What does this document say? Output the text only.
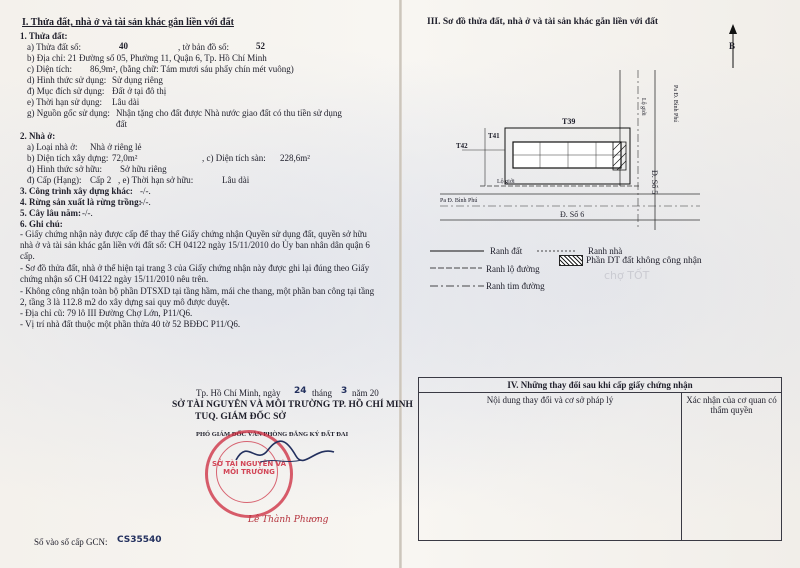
I. Thửa đất, nhà ở và tài sản khác gắn liền với đất
1. Thửa đất:
a) Thửa đất số:	40	, tờ bản đồ số:	52
b) Địa chỉ: 21 Đường số 05, Phường 11, Quận 6, Tp. Hồ Chí Minh
c) Diện tích: 86,9m², (bằng chữ: Tám mươi sáu phẩy chín mét vuông)
d) Hình thức sử dụng: Sử dụng riêng
đ) Mục đích sử dụng: Đất ở tại đô thị
e) Thời hạn sử dụng: Lâu dài
g) Nguồn gốc sử dụng: Nhận tặng cho đất được Nhà nước giao đất có thu tiền sử dụng
đất
2. Nhà ở:
a) Loại nhà ở: Nhà ở riêng lẻ
b) Diện tích xây dựng: 72,0m²	, c) Diện tích sàn: 228,6m²
d) Hình thức sở hữu: Sở hữu riêng
đ) Cấp (Hạng): Cấp 2 , e) Thời hạn sở hữu:	Lâu dài
3. Công trình xây dựng khác: -/-.
4. Rừng sản xuất là rừng trồng:
-/-.
5. Cây lâu năm: -/-.
6. Ghi chú:
- Giấy chứng nhận này được cấp để thay thế Giấy chứng nhận Quyền sử dụng đất, quyền sở hữu nhà ở và tài sản khác gắn liền với đất số: CH 04122 ngày 15/11/2010 do Ủy ban nhân dân quận 6 cấp.
- Sơ đồ thửa đất, nhà ở thể hiện tại trang 3 của Giấy chứng nhận này được ghi lại đúng theo Giấy chứng nhận số CH 04122 ngày 15/11/2010 nêu trên.
- Không công nhận toàn bộ phần DTSXD tại tầng hầm, mái che thang, một phần ban công tại tầng 2, tầng 3 là 112.8 m2 do xây dựng sai quy mô được duyệt.
- Địa chỉ cũ: 79 lô III Đường Chợ Lớn, P11/Q6.
- Vị trí nhà đất thuộc một phần thửa 40 tờ 52 BĐĐC P11/Q6.
Tp. Hồ Chí Minh, ngày 24 tháng 3 năm 20
SỞ TÀI NGUYÊN VÀ MÔI TRƯỜNG TP. HỒ CHÍ MINH
TUQ. GIÁM ĐỐC SỞ
PHÓ GIÁM ĐỐC VĂN PHÒNG ĐĂNG KÝ ĐẤT ĐAI
SỞ TÀI NGUYÊN VÀ MÔI TRƯỜNG
Lê Thành Phương
Số vào sổ cấp GCN: CS35540
III. Sơ đồ thửa đất, nhà ở và tài sản khác gắn liền với đất
B
T39
T41
T42
Đ. Số 6
Đ. Số 5
Pa Đ. Bình Phú
Pa Đ. Bình Phú
Lộ giới
Lộ giới
Ranh đất	Ranh nhà
Ranh lộ đường
Ranh tim đường
Phần DT đất không công nhận
chợ TỐT
IV. Những thay đổi sau khi cấp giấy chứng nhận
Nội dung thay đổi và cơ sở pháp lý	Xác nhận của cơ quan có thẩm quyền
